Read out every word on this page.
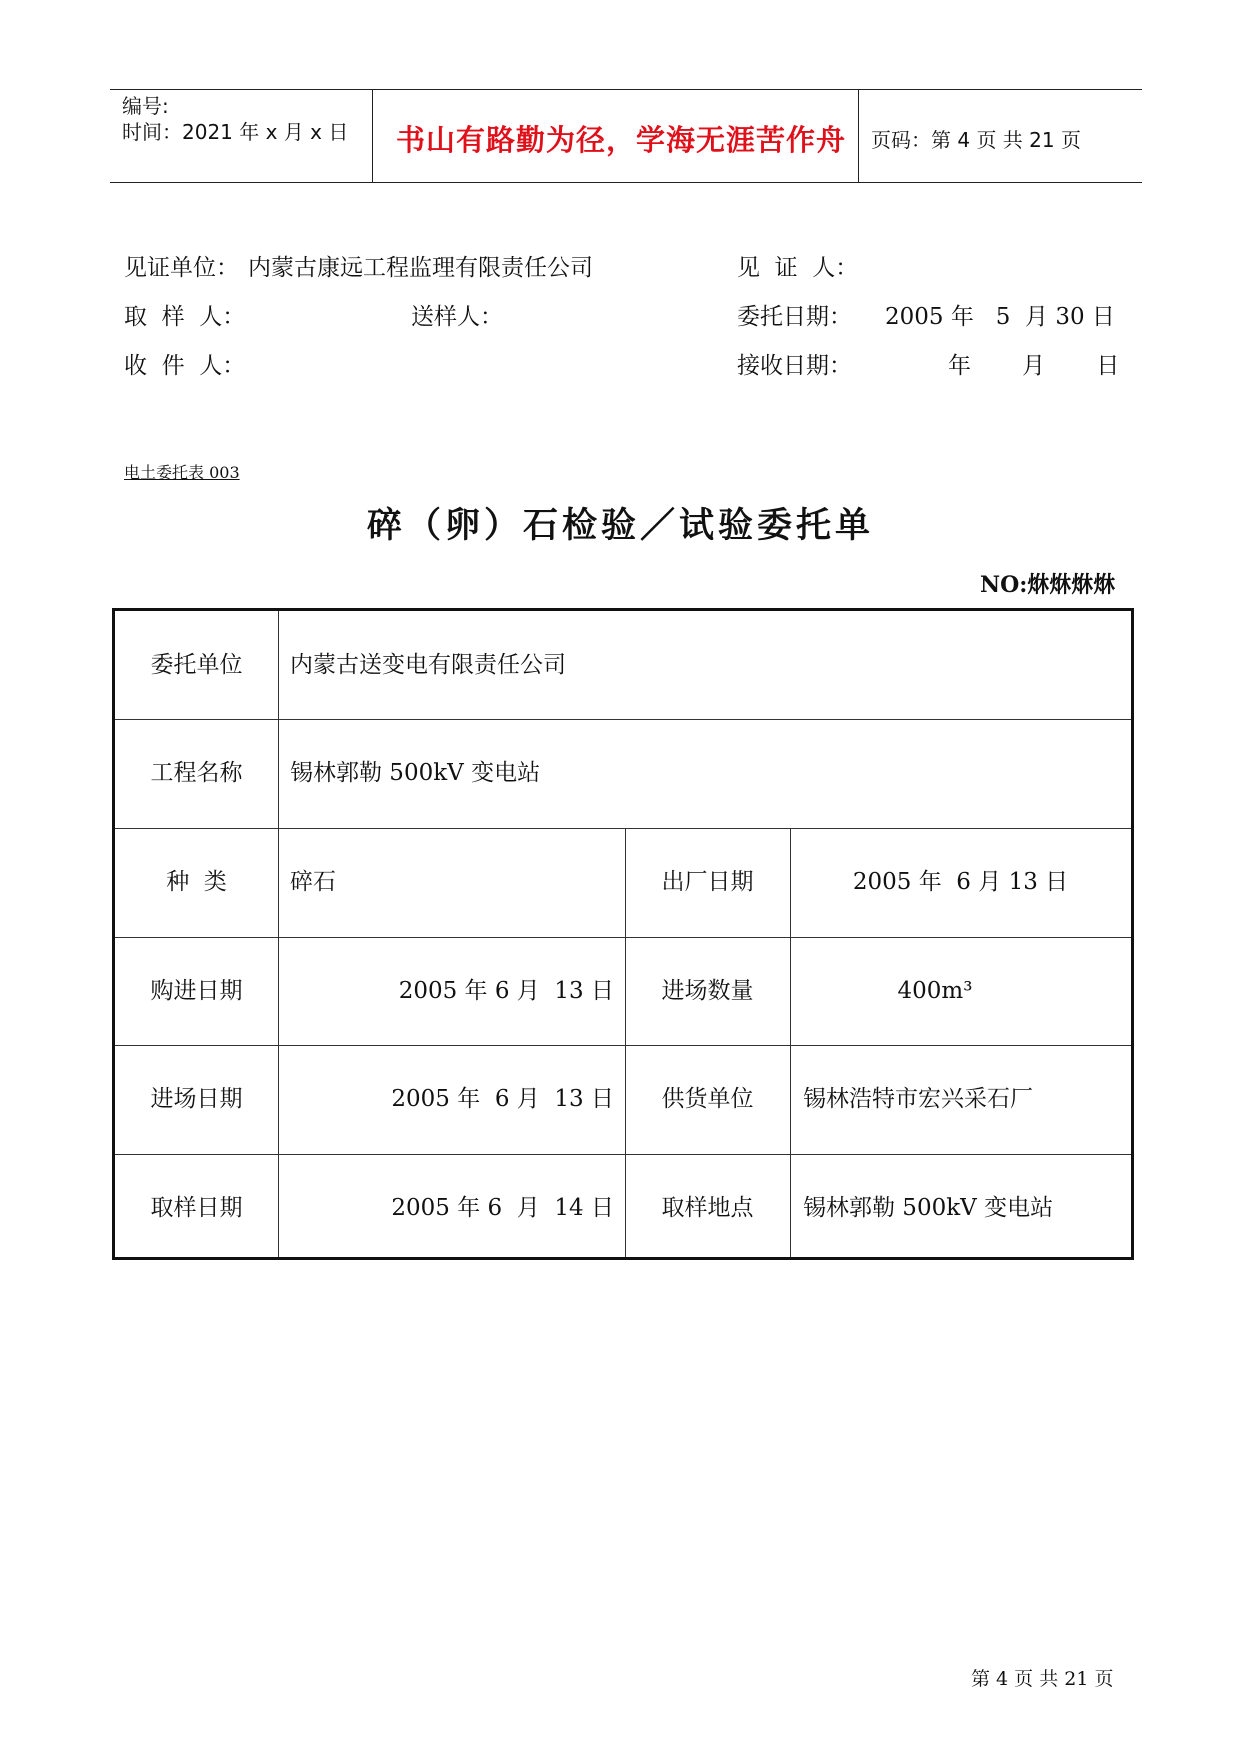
编号:
时间：2021 年 x 月 x 日 书山有路勤为径，学海无涯苦作舟 页码：第 4 页 共 21 页
见证单位： 内蒙古康远工程监理有限责任公司	见  证  人：
取  样  人：	送样人：	委托日期： 2005 年   5  月 30 日
收  件  人：	接收日期：	年       月       日
电土委托表 003
碎（卵）石检验／试验委托单
NO:烌烌烌烌
委托单位	内蒙古送变电有限责任公司
工程名称	锡林郭勒 500kV 变电站
种  类	碎石	出厂日期	2005 年  6 月 13 日
购进日期	2005 年 6 月  13 日	进场数量	400m³
进场日期	2005 年  6 月  13 日	供货单位	锡林浩特市宏兴采石厂
取样日期	2005 年 6  月  14 日	取样地点	锡林郭勒 500kV 变电站
第 4 页 共 21 页
